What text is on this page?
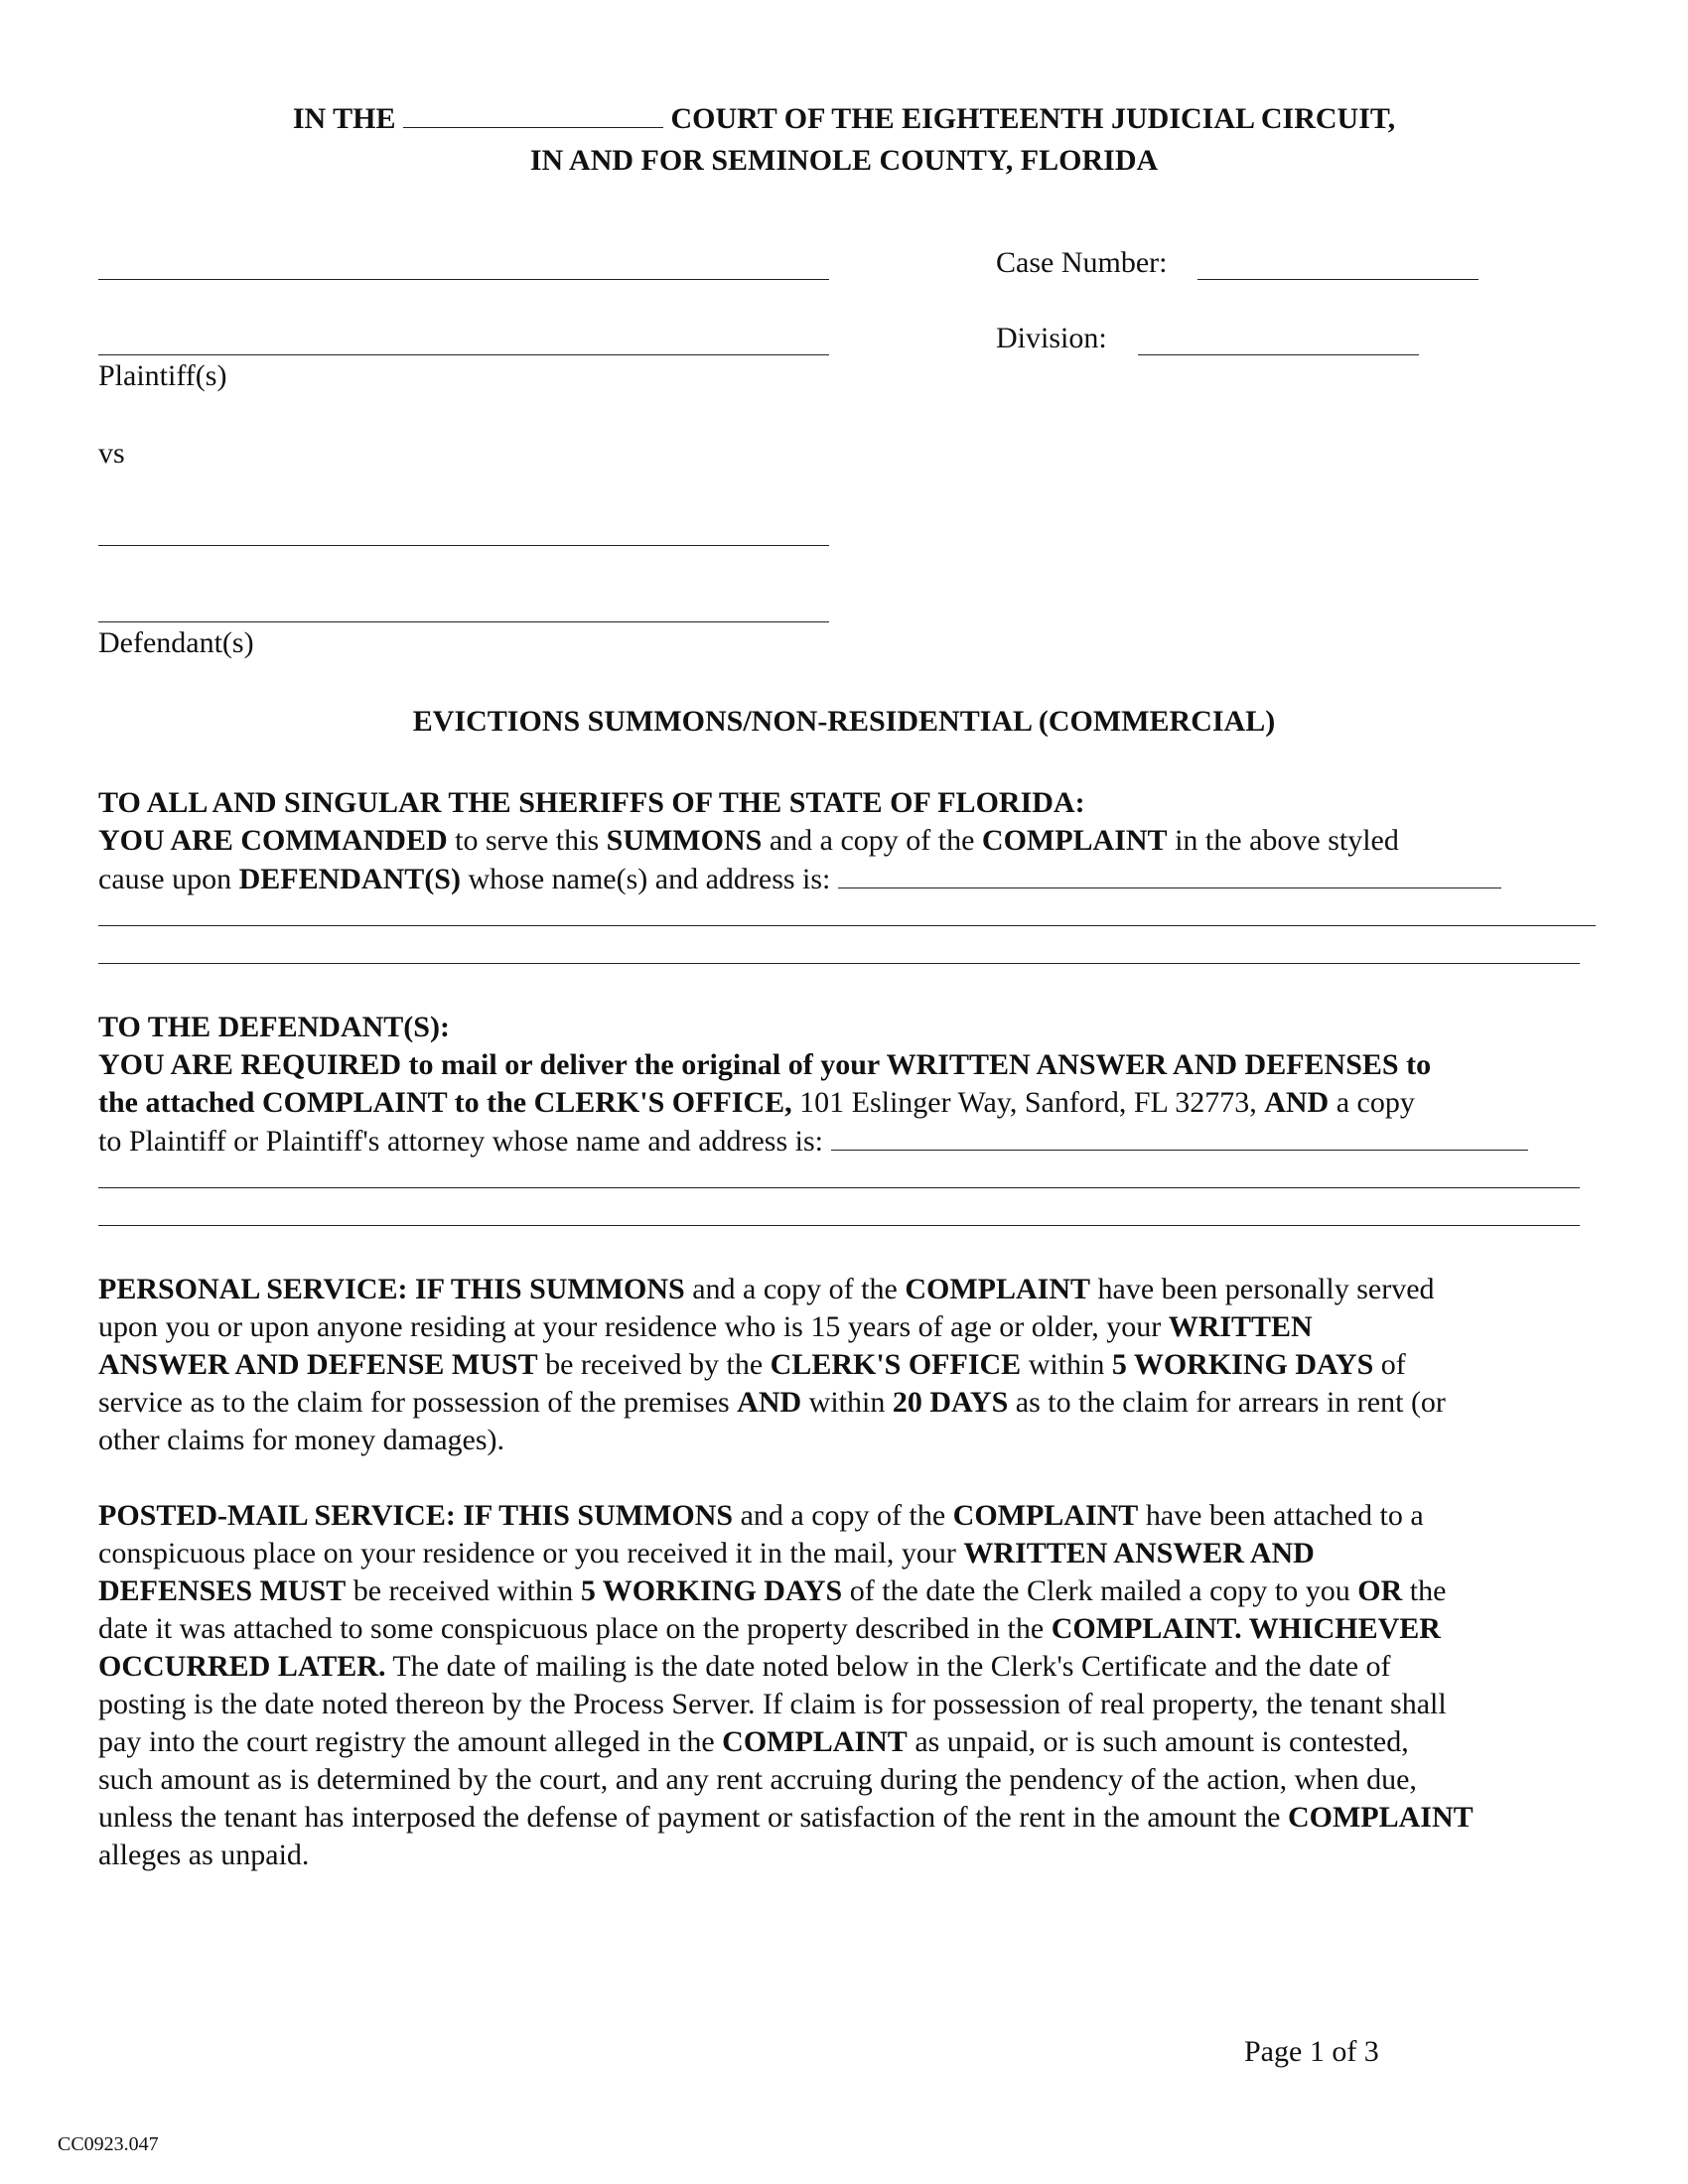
IN THE	COURT OF THE EIGHTEENTH JUDICIAL CIRCUIT,
IN AND FOR SEMINOLE COUNTY, FLORIDA
Plaintiff(s)
vs
Defendant(s)
Case Number:
Division:
EVICTIONS SUMMONS/NON-RESIDENTIAL (COMMERCIAL)
TO ALL AND SINGULAR THE SHERIFFS OF THE STATE OF FLORIDA:
YOU ARE COMMANDED to serve this SUMMONS and a copy of the COMPLAINT in the above styled
cause upon DEFENDANT(S) whose name(s) and address is:
TO THE DEFENDANT(S):
YOU ARE REQUIRED to mail or deliver the original of your WRITTEN ANSWER AND DEFENSES to
the attached COMPLAINT to the CLERK'S OFFICE, 101 Eslinger Way, Sanford, FL 32773, AND a copy
to Plaintiff or Plaintiff's attorney whose name and address is:
PERSONAL SERVICE: IF THIS SUMMONS and a copy of the COMPLAINT have been personally served
upon you or upon anyone residing at your residence who is 15 years of age or older, your WRITTEN
ANSWER AND DEFENSE MUST be received by the CLERK'S OFFICE within 5 WORKING DAYS of
service as to the claim for possession of the premises AND within 20 DAYS as to the claim for arrears in rent (or
other claims for money damages).
POSTED-MAIL SERVICE: IF THIS SUMMONS and a copy of the COMPLAINT have been attached to a
conspicuous place on your residence or you received it in the mail, your WRITTEN ANSWER AND
DEFENSES MUST be received within 5 WORKING DAYS of the date the Clerk mailed a copy to you OR the
date it was attached to some conspicuous place on the property described in the COMPLAINT. WHICHEVER
OCCURRED LATER. The date of mailing is the date noted below in the Clerk's Certificate and the date of
posting is the date noted thereon by the Process Server. If claim is for possession of real property, the tenant shall
pay into the court registry the amount alleged in the COMPLAINT as unpaid, or is such amount is contested,
such amount as is determined by the court, and any rent accruing during the pendency of the action, when due,
unless the tenant has interposed the defense of payment or satisfaction of the rent in the amount the COMPLAINT
alleges as unpaid.
Page 1 of 3
CC0923.047
